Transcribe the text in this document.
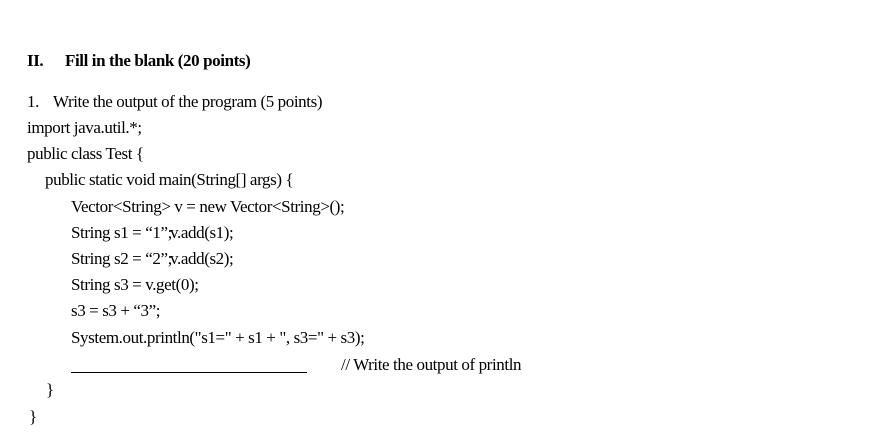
II. Fill in the blank (20 points)
1. Write the output of the program (5 points)
import java.util.*;
public class Test {
public static void main(String[] args) {
Vector<String> v = new Vector<String>();
String s1 = “1”;
v.add(s1);
String s2 = “2”;
v.add(s2);
String s3 = v.get(0);
s3 = s3 + “3”;
System.out.println("s1=" + s1 + ", s3=" + s3);
// Write the output of println
}
}
